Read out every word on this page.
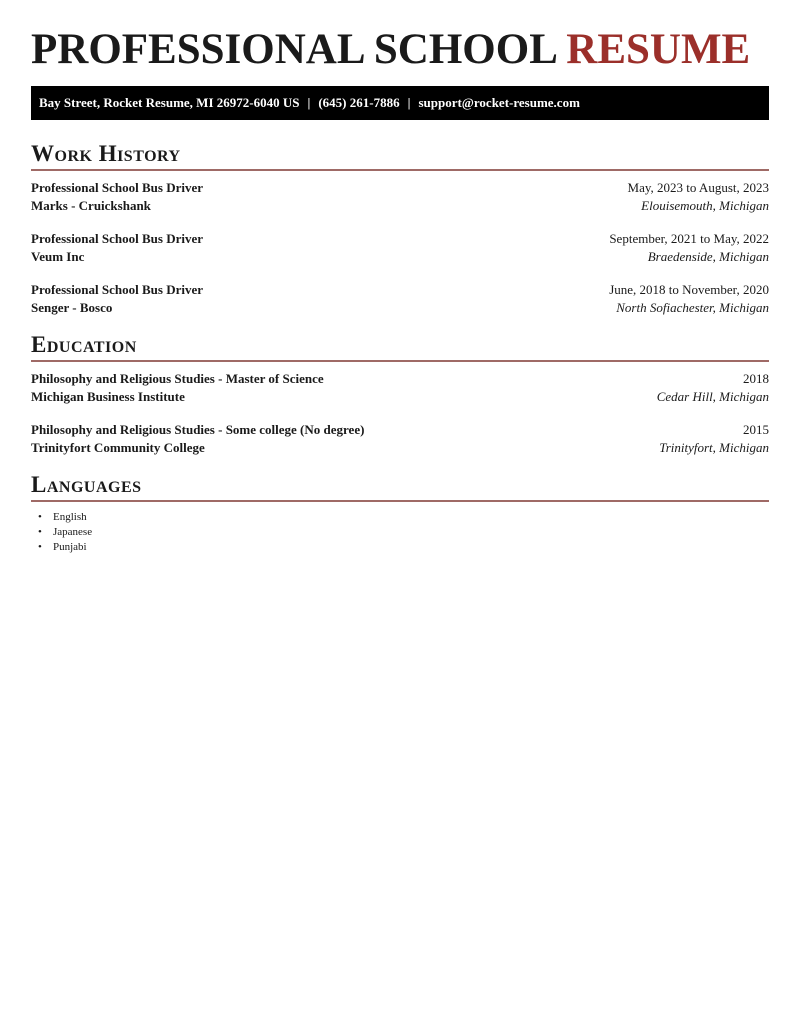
PROFESSIONAL SCHOOL RESUME
Bay Street, Rocket Resume, MI 26972-6040 US | (645) 261-7886 | support@rocket-resume.com
Work History
Professional School Bus Driver	May, 2023 to August, 2023
Marks - Cruickshank	Elouisemouth, Michigan
Professional School Bus Driver	September, 2021 to May, 2022
Veum Inc	Braedenside, Michigan
Professional School Bus Driver	June, 2018 to November, 2020
Senger - Bosco	North Sofiachester, Michigan
Education
Philosophy and Religious Studies - Master of Science	2018
Michigan Business Institute	Cedar Hill, Michigan
Philosophy and Religious Studies - Some college (No degree)	2015
Trinityfort Community College	Trinityfort, Michigan
Languages
• English
• Japanese
• Punjabi
